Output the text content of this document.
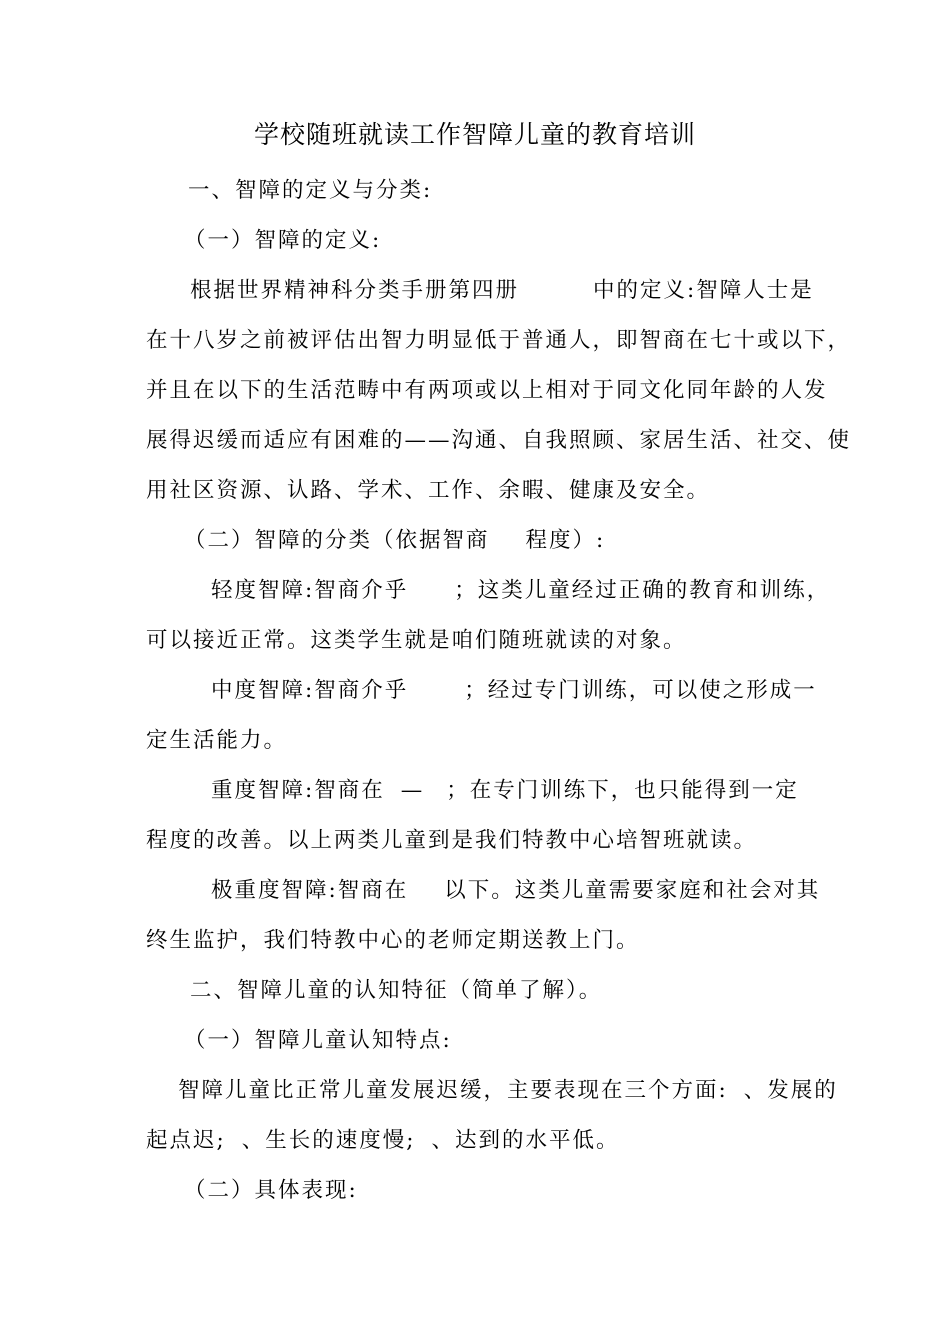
学校随班就读工作智障儿童的教育培训
一、智障的定义与分类:
（一）智障的定义:
根据世界精神科分类手册第四册	中的定义:智障人士是
在十八岁之前被评估出智力明显低于普通人，即智商在七十或以下，
并且在以下的生活范畴中有两项或以上相对于同文化同年龄的人发
展得迟缓而适应有困难的——沟通、自我照顾、家居生活、社交、使
用社区资源、认路、学术、工作、余暇、健康及安全。
（二）智障的分类（依据智商 程度）:
轻度智障:智商介乎 ；这类儿童经过正确的教育和训练，
可以接近正常。这类学生就是咱们随班就读的对象。
中度智障:智商介乎	；经过专门训练，可以使之形成一
定生活能力。
重度智障:智商在 — ；在专门训练下，也只能得到一定
程度的改善。以上两类儿童到是我们特教中心培智班就读。
极重度智障:智商在 以下。这类儿童需要家庭和社会对其
终生监护，我们特教中心的老师定期送教上门。
二、智障儿童的认知特征（简单了解）。
（一）智障儿童认知特点:
智障儿童比正常儿童发展迟缓，主要表现在三个方面: 、发展的
起点迟; 、生长的速度慢; 、达到的水平低。
（二）具体表现:
